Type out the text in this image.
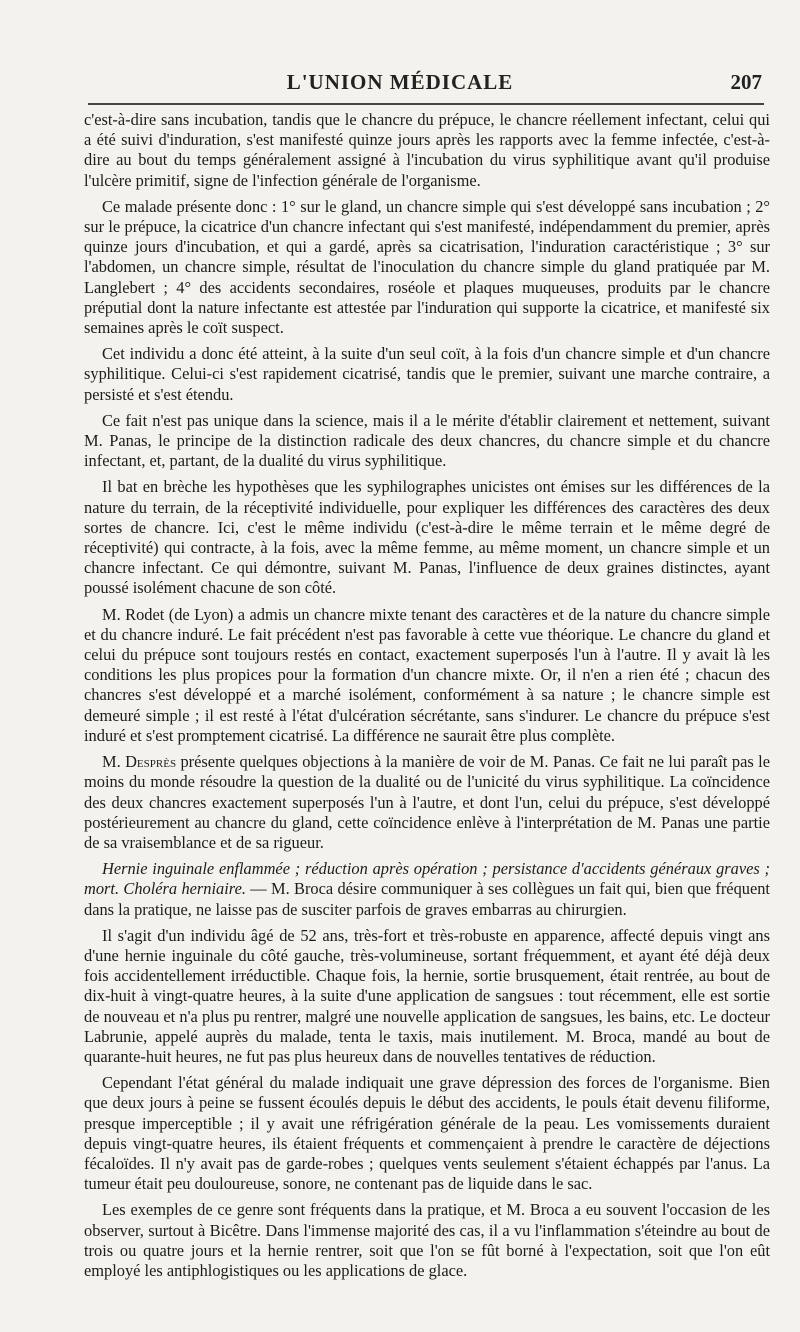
L'UNION MÉDICALE	207

c'est-à-dire sans incubation, tandis que le chancre du prépuce, le chancre réellement infectant, celui qui a été suivi d'induration, s'est manifesté quinze jours après les rapports avec la femme infectée, c'est-à-dire au bout du temps généralement assigné à l'incubation du virus syphilitique avant qu'il produise l'ulcère primitif, signe de l'infection générale de l'organisme.

Ce malade présente donc : 1° sur le gland, un chancre simple qui s'est développé sans incubation ; 2° sur le prépuce, la cicatrice d'un chancre infectant qui s'est manifesté, indépendamment du premier, après quinze jours d'incubation, et qui a gardé, après sa cicatrisation, l'induration caractéristique ; 3° sur l'abdomen, un chancre simple, résultat de l'inoculation du chancre simple du gland pratiquée par M. Langlebert ; 4° des accidents secondaires, roséole et plaques muqueuses, produits par le chancre préputial dont la nature infectante est attestée par l'induration qui supporte la cicatrice, et manifesté six semaines après le coït suspect.

Cet individu a donc été atteint, à la suite d'un seul coït, à la fois d'un chancre simple et d'un chancre syphilitique. Celui-ci s'est rapidement cicatrisé, tandis que le premier, suivant une marche contraire, a persisté et s'est étendu.

Ce fait n'est pas unique dans la science, mais il a le mérite d'établir clairement et nettement, suivant M. Panas, le principe de la distinction radicale des deux chancres, du chancre simple et du chancre infectant, et, partant, de la dualité du virus syphilitique.

Il bat en brèche les hypothèses que les syphilographes unicistes ont émises sur les différences de la nature du terrain, de la réceptivité individuelle, pour expliquer les différences des caractères des deux sortes de chancre. Ici, c'est le même individu (c'est-à-dire le même terrain et le même degré de réceptivité) qui contracte, à la fois, avec la même femme, au même moment, un chancre simple et un chancre infectant. Ce qui démontre, suivant M. Panas, l'influence de deux graines distinctes, ayant poussé isolément chacune de son côté.

M. Rodet (de Lyon) a admis un chancre mixte tenant des caractères et de la nature du chancre simple et du chancre induré. Le fait précédent n'est pas favorable à cette vue théorique. Le chancre du gland et celui du prépuce sont toujours restés en contact, exactement superposés l'un à l'autre. Il y avait là les conditions les plus propices pour la formation d'un chancre mixte. Or, il n'en a rien été ; chacun des chancres s'est développé et a marché isolément, conformément à sa nature ; le chancre simple est demeuré simple ; il est resté à l'état d'ulcération sécrétante, sans s'indurer. Le chancre du prépuce s'est induré et s'est promptement cicatrisé. La différence ne saurait être plus complète.

M. Desprès présente quelques objections à la manière de voir de M. Panas. Ce fait ne lui paraît pas le moins du monde résoudre la question de la dualité ou de l'unicité du virus syphilitique. La coïncidence des deux chancres exactement superposés l'un à l'autre, et dont l'un, celui du prépuce, s'est développé postérieurement au chancre du gland, cette coïncidence enlève à l'interprétation de M. Panas une partie de sa vraisemblance et de sa rigueur.

Hernie inguinale enflammée ; réduction après opération ; persistance d'accidents généraux graves ; mort. Choléra herniaire. — M. Broca désire communiquer à ses collègues un fait qui, bien que fréquent dans la pratique, ne laisse pas de susciter parfois de graves embarras au chirurgien.

Il s'agit d'un individu âgé de 52 ans, très-fort et très-robuste en apparence, affecté depuis vingt ans d'une hernie inguinale du côté gauche, très-volumineuse, sortant fréquemment, et ayant été déjà deux fois accidentellement irréductible. Chaque fois, la hernie, sortie brusquement, était rentrée, au bout de dix-huit à vingt-quatre heures, à la suite d'une application de sangsues : tout récemment, elle est sortie de nouveau et n'a plus pu rentrer, malgré une nouvelle application de sangsues, les bains, etc. Le docteur Labrunie, appelé auprès du malade, tenta le taxis, mais inutilement. M. Broca, mandé au bout de quarante-huit heures, ne fut pas plus heureux dans de nouvelles tentatives de réduction.

Cependant l'état général du malade indiquait une grave dépression des forces de l'organisme. Bien que deux jours à peine se fussent écoulés depuis le début des accidents, le pouls était devenu filiforme, presque imperceptible ; il y avait une réfrigération générale de la peau. Les vomissements duraient depuis vingt-quatre heures, ils étaient fréquents et commençaient à prendre le caractère de déjections fécaloïdes. Il n'y avait pas de garde-robes ; quelques vents seulement s'étaient échappés par l'anus. La tumeur était peu douloureuse, sonore, ne contenant pas de liquide dans le sac.

Les exemples de ce genre sont fréquents dans la pratique, et M. Broca a eu souvent l'occasion de les observer, surtout à Bicêtre. Dans l'immense majorité des cas, il a vu l'inflammation s'éteindre au bout de trois ou quatre jours et la hernie rentrer, soit que l'on se fût borné à l'expectation, soit que l'on eût employé les antiphlogistiques ou les applications de glace.
